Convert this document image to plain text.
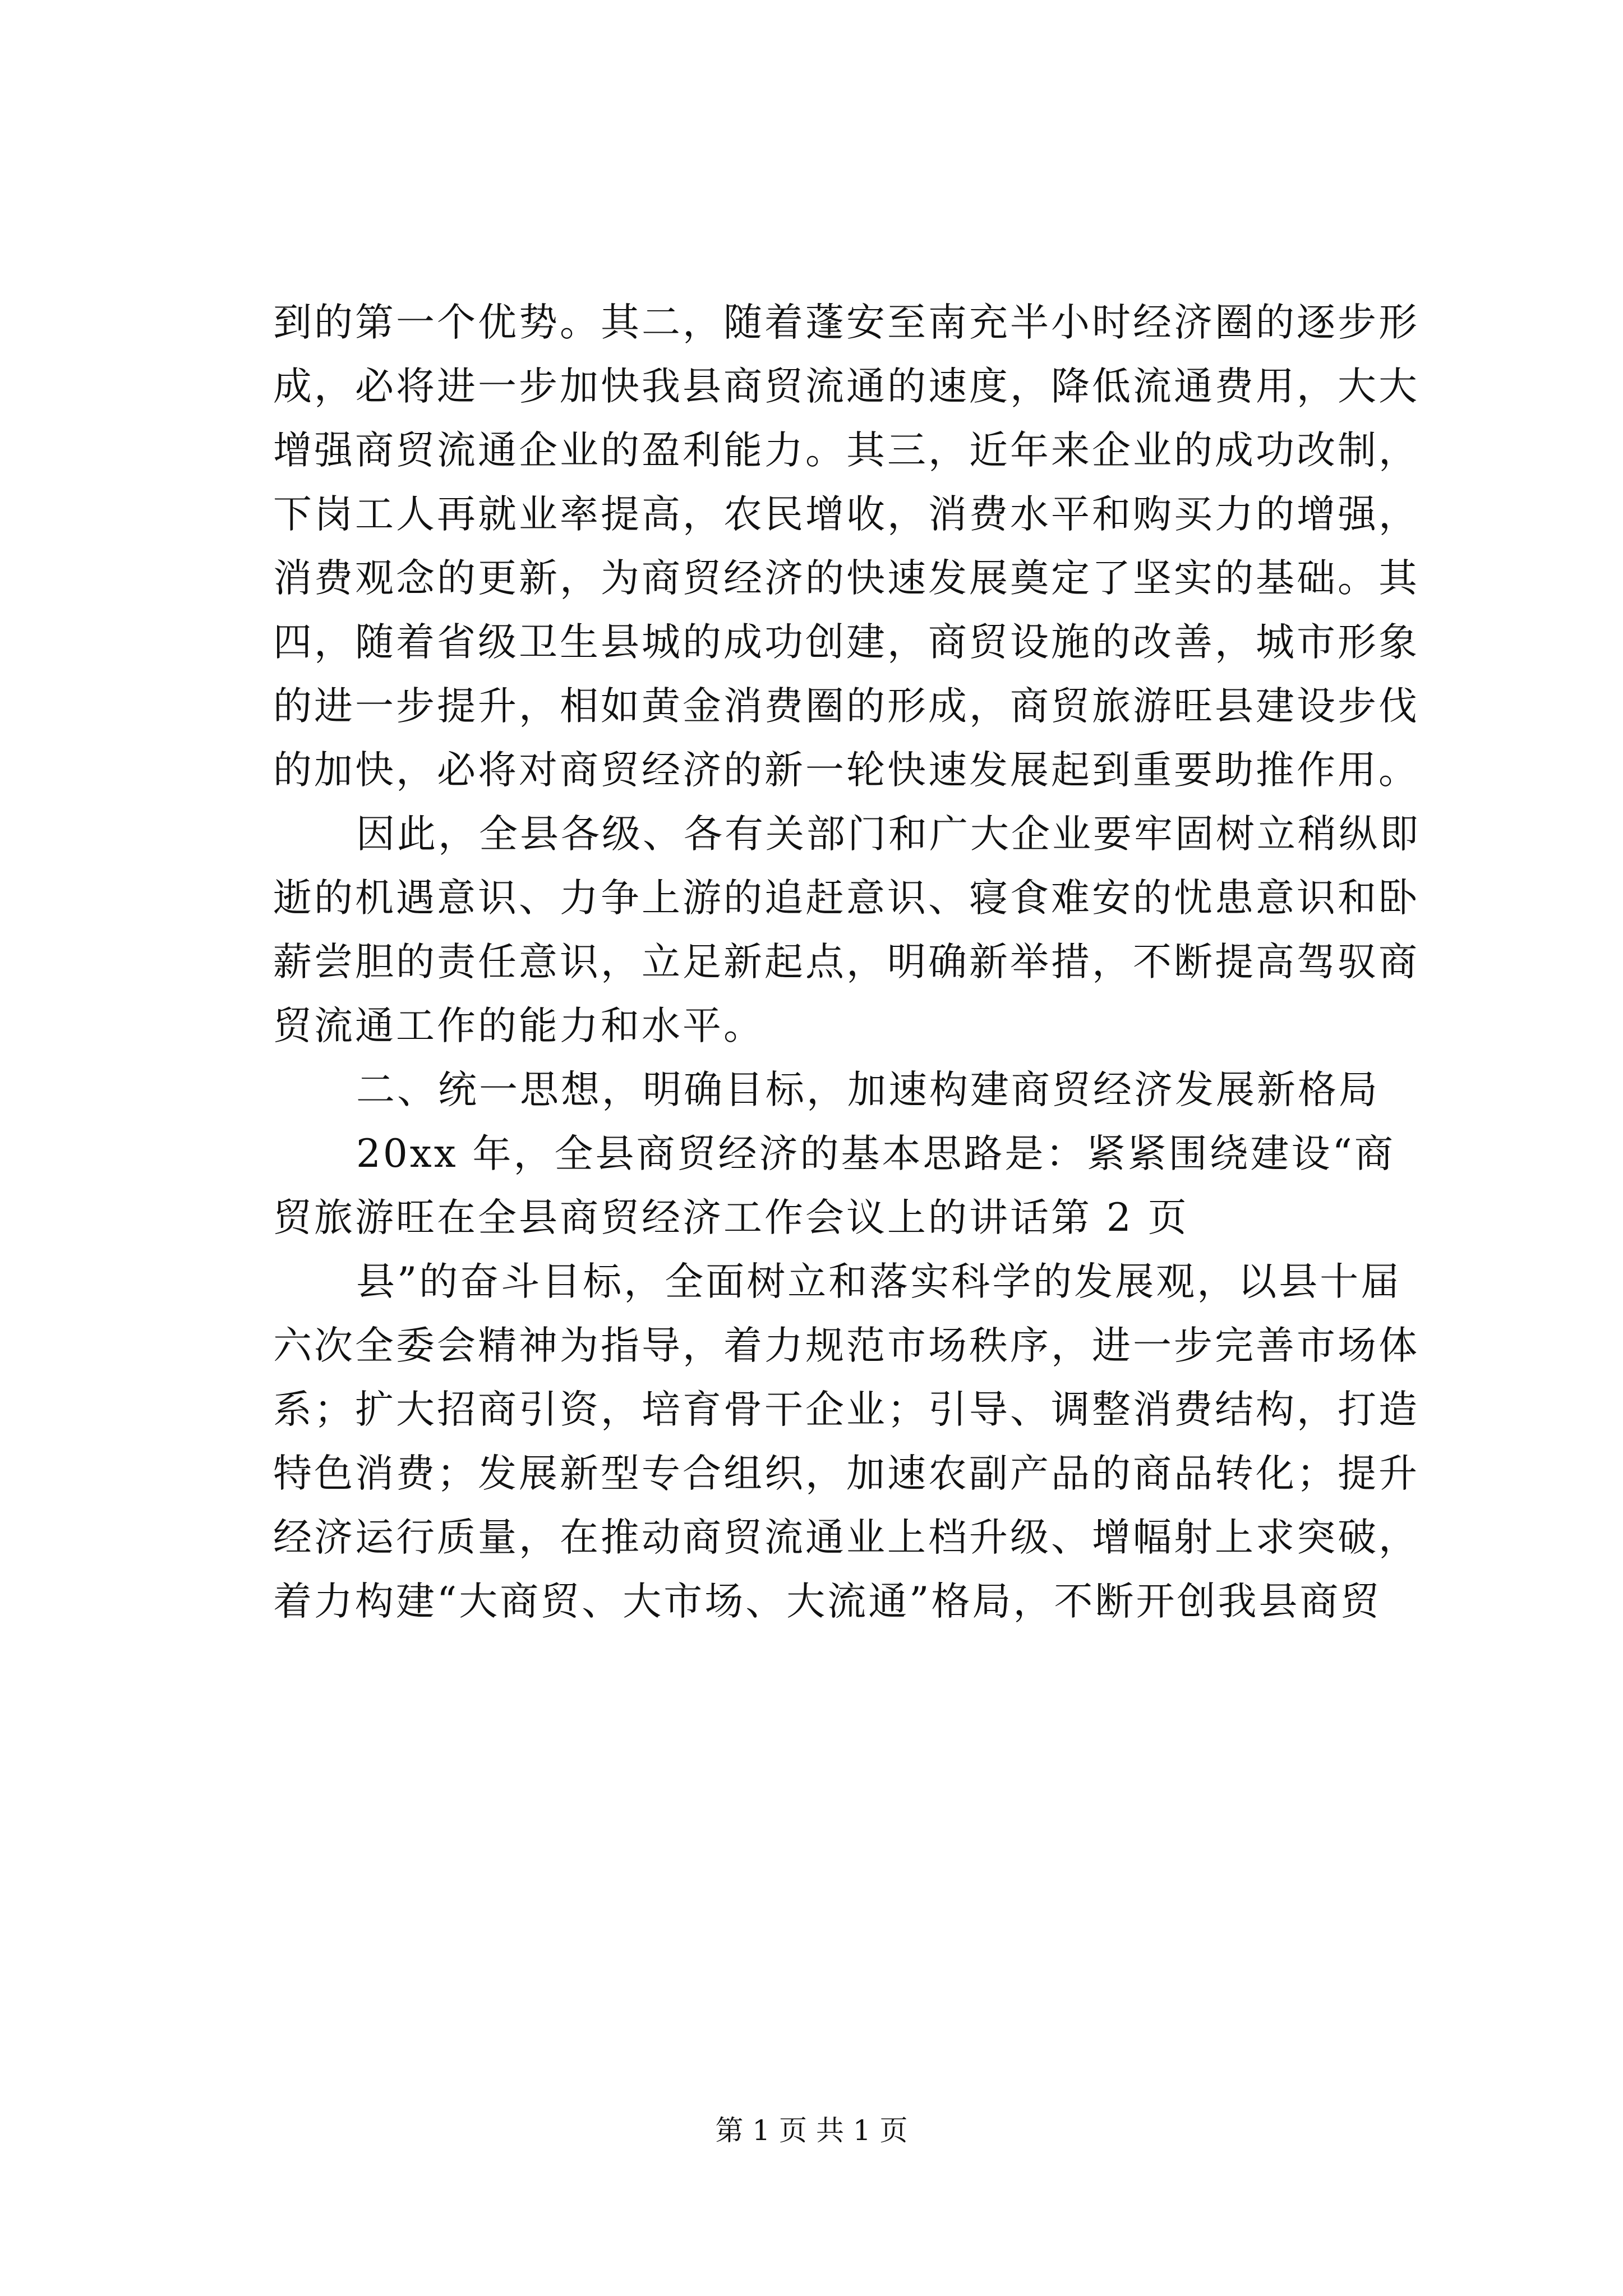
到的第一个优势。其二，随着蓬安至南充半小时经济圈的逐步形
成，必将进一步加快我县商贸流通的速度，降低流通费用，大大
增强商贸流通企业的盈利能力。其三，近年来企业的成功改制，
下岗工人再就业率提高，农民增收，消费水平和购买力的增强，
消费观念的更新，为商贸经济的快速发展奠定了坚实的基础。其
四，随着省级卫生县城的成功创建，商贸设施的改善，城市形象
的进一步提升，相如黄金消费圈的形成，商贸旅游旺县建设步伐
的加快，必将对商贸经济的新一轮快速发展起到重要助推作用。
因此，全县各级、各有关部门和广大企业要牢固树立稍纵即
逝的机遇意识、力争上游的追赶意识、寝食难安的忧患意识和卧
薪尝胆的责任意识，立足新起点，明确新举措，不断提高驾驭商
贸流通工作的能力和水平。
二、统一思想，明确目标，加速构建商贸经济发展新格局
20xx 年，全县商贸经济的基本思路是：紧紧围绕建设“商
贸旅游旺在全县商贸经济工作会议上的讲话第 2 页
县”的奋斗目标，全面树立和落实科学的发展观，以县十届
六次全委会精神为指导，着力规范市场秩序，进一步完善市场体
系；扩大招商引资，培育骨干企业；引导、调整消费结构，打造
特色消费；发展新型专合组织，加速农副产品的商品转化；提升
经济运行质量，在推动商贸流通业上档升级、增幅射上求突破，
着力构建“大商贸、大市场、大流通”格局，不断开创我县商贸
第 1 页 共 1 页
